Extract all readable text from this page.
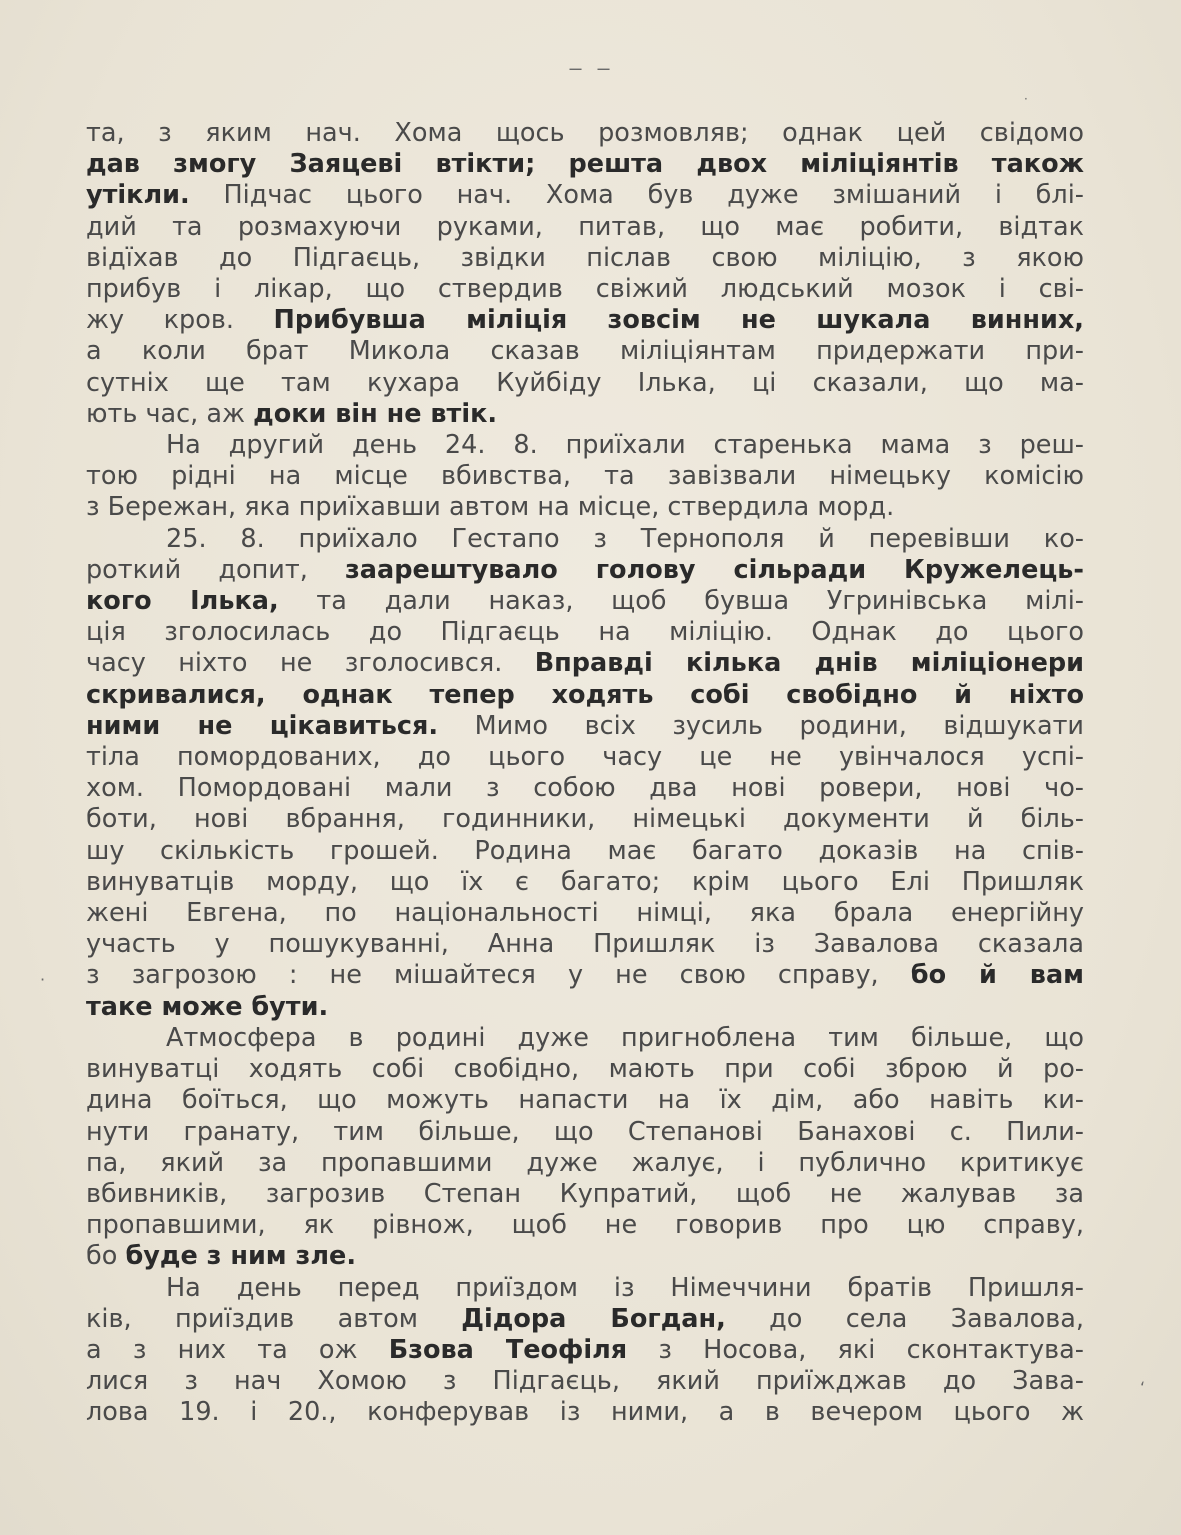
– –
та, з яким нач. Хома щось розмовляв; однак цей свідомо
дав змогу Заяцеві втікти; решта двох міліціянтів також
утікли. Підчас цього нач. Хома був дуже змішаний і блі-
дий та розмахуючи руками, питав, що має робити, відтак
відїхав до Підгаєць, звідки післав свою міліцію, з якою
прибув і лікар, що ствердив свіжий людський мозок і сві-
жу кров. Прибувша міліція зовсім не шукала винних,
а коли брат Микола сказав міліціянтам придержати при-
сутніх ще там кухара Куйбіду Ілька, ці сказали, що ма-
ють час, аж доки він не втік.
На другий день 24. 8. приїхали старенька мама з реш-
тою рідні на місце вбивства, та завізвали німецьку комісію
з Бережан, яка приїхавши автом на місце, ствердила морд.
25. 8. приїхало Гестапо з Тернополя й перевівши ко-
роткий допит, заарештувало голову сільради Кружелець-
кого Ілька, та дали наказ, щоб бувша Угринівська мілі-
ція зголосилась до Підгаєць на міліцію. Однак до цього
часу ніхто не зголосився. Вправді кілька днів міліціонери
скривалися, однак тепер ходять собі свобідно й ніхто
ними не цікавиться. Мимо всіх зусиль родини, відшукати
тіла помордованих, до цього часу це не увінчалося успі-
хом. Помордовані мали з собою два нові ровери, нові чо-
боти, нові вбрання, годинники, німецькі документи й біль-
шу скількість грошей. Родина має багато доказів на спів-
винуватців морду, що їх є багато; крім цього Елі Пришляк
жені Евгена, по національності німці, яка брала енергійну
участь у пошукуванні, Анна Пришляк із Завалова сказала
з загрозою : не мішайтеся у не свою справу, бо й вам
таке може бути.
Атмосфера в родині дуже пригноблена тим більше, що
винуватці ходять собі свобідно, мають при собі зброю й ро-
дина боїться, що можуть напасти на їх дім, або навіть ки-
нути гранату, тим більше, що Степанові Банахові с. Пили-
па, який за пропавшими дуже жалує, і публично критикує
вбивників, загрозив Степан Купратий, щоб не жалував за
пропавшими, як рівнож, щоб не говорив про цю справу,
бо буде з ним зле.
На день перед приїздом із Німеччини братів Пришля-
ків, приїздив автом Дідора Богдан, до села Завалова,
а з них та ож Бзова Теофіля з Носова, які сконтактува-
лися з нач Хомою з Підгаєць, який приїжджав до Зава-
лова 19. і 20., конферував із ними, а в вечером цього ж
·
‘
·
